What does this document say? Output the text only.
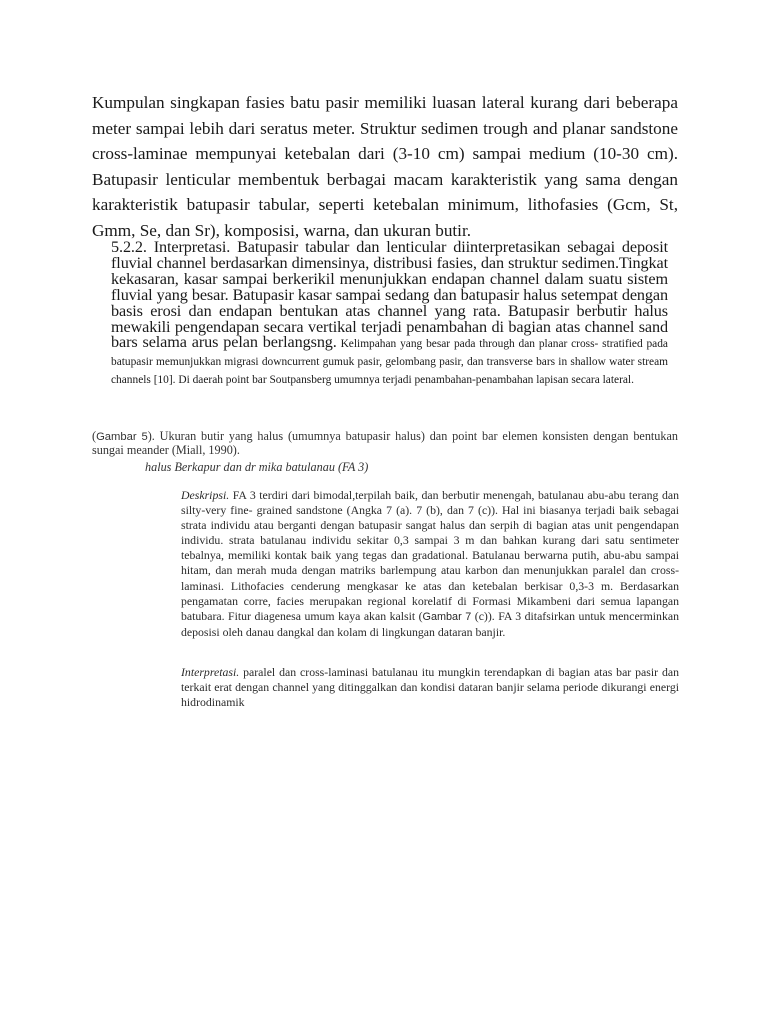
Kumpulan singkapan fasies batu pasir memiliki luasan lateral kurang dari beberapa meter sampai lebih dari seratus meter. Struktur sedimen trough and planar sandstone cross-laminae mempunyai ketebalan dari (3-10 cm) sampai medium (10-30 cm). Batupasir lenticular membentuk berbagai macam karakteristik yang sama dengan karakteristik batupasir tabular, seperti ketebalan minimum, lithofasies (Gcm, St, Gmm, Se, dan Sr), komposisi, warna, dan ukuran butir.

5.2.2. Interpretasi. Batupasir tabular dan lenticular diinterpretasikan sebagai deposit fluvial channel berdasarkan dimensinya, distribusi fasies, dan struktur sedimen.Tingkat kekasaran, kasar sampai berkerikil menunjukkan endapan channel dalam suatu sistem fluvial yang besar. Batupasir kasar sampai sedang dan batupasir halus setempat dengan basis erosi dan endapan bentukan atas channel yang rata. Batupasir berbutir halus mewakili pengendapan secara vertikal terjadi penambahan di bagian atas channel sand bars selama arus pelan berlangsng. Kelimpahan yang besar pada through dan planar cross- stratified pada batupasir memunjukkan migrasi downcurrent gumuk pasir, gelombang pasir, dan transverse bars in shallow water stream channels [10]. Di daerah point bar Soutpansberg umumnya terjadi penambahan-penambahan lapisan secara lateral.

(Gambar 5). Ukuran butir yang halus (umumnya batupasir halus) dan point bar elemen konsisten dengan bentukan sungai meander (Miall, 1990).

halus Berkapur dan dr mika batulanau (FA 3)

Deskripsi. FA 3 terdiri dari bimodal,terpilah baik, dan berbutir menengah, batulanau abu-abu terang dan silty-very fine- grained sandstone (Angka 7 (a). 7 (b), dan 7 (c)). Hal ini biasanya terjadi baik sebagai strata individu atau berganti dengan batupasir sangat halus dan serpih di bagian atas unit pengendapan individu. strata batulanau individu sekitar 0,3 sampai 3 m dan bahkan kurang dari satu sentimeter tebalnya, memiliki kontak baik yang tegas dan gradational. Batulanau berwarna putih, abu-abu sampai hitam, dan merah muda dengan matriks barlempung atau karbon dan menunjukkan paralel dan cross-laminasi. Lithofacies cenderung mengkasar ke atas dan ketebalan berkisar 0,3-3 m. Berdasarkan pengamatan corre, facies merupakan regional korelatif di Formasi Mikambeni dari semua lapangan batubara. Fitur diagenesa umum kaya akan kalsit (Gambar 7 (c)). FA 3 ditafsirkan untuk mencerminkan deposisi oleh danau dangkal dan kolam di lingkungan dataran banjir.

Interpretasi. paralel dan cross-laminasi batulanau itu mungkin terendapkan di bagian atas bar pasir dan terkait erat dengan channel yang ditinggalkan dan kondisi dataran banjir selama periode dikurangi energi hidrodinamik
